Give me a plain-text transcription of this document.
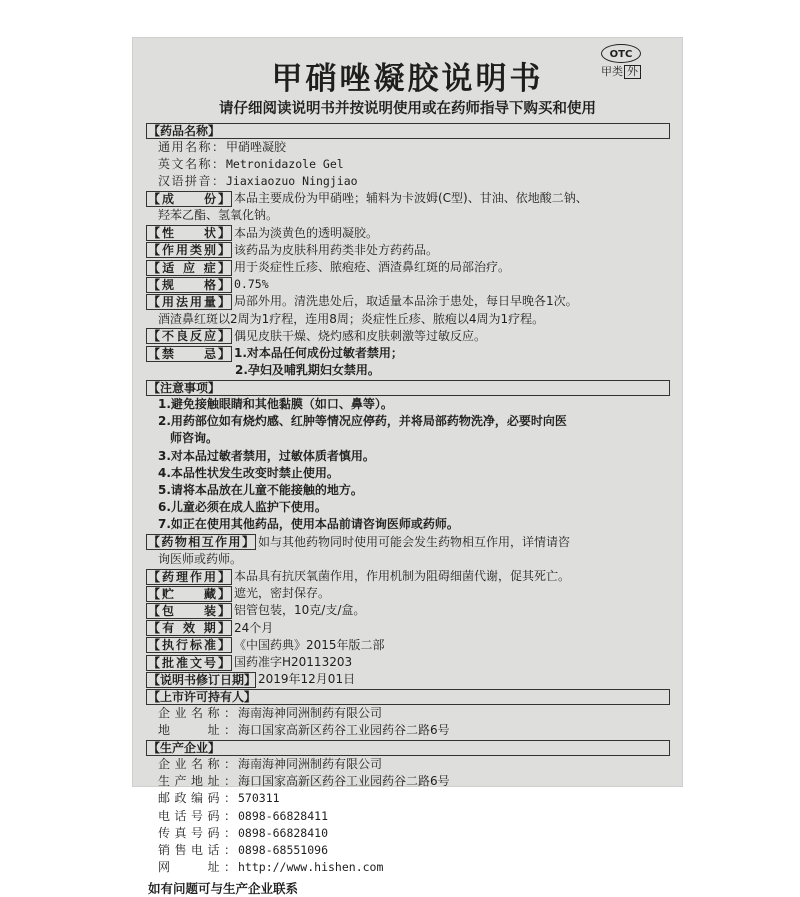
甲硝唑凝胶说明书
OTC
甲类 外
请仔细阅读说明书并按说明使用或在药师指导下购买和使用
【药品名称】
通用名称： 甲硝唑凝胶
英文名称： Metronidazole Gel
汉语拼音： Jiaxiaozuo Ningjiao
【成　　份】 本品主要成份为甲硝唑；辅料为卡波姆(C型)、甘油、依地酸二钠、
羟苯乙酯、氢氧化钠。
【性　　状】 本品为淡黄色的透明凝胶。
【作用类别】 该药品为皮肤科用药类非处方药药品。
【适 应 症】 用于炎症性丘疹、脓疱疮、酒渣鼻红斑的局部治疗。
【规　　格】 0.75%
【用法用量】 局部外用。清洗患处后，取适量本品涂于患处，每日早晚各1次。
酒渣鼻红斑以2周为1疗程，连用8周；炎症性丘疹、脓疱以4周为1疗程。
【不良反应】 偶见皮肤干燥、烧灼感和皮肤刺激等过敏反应。
【禁　　忌】 1.对本品任何成份过敏者禁用；
2.孕妇及哺乳期妇女禁用。
【注意事项】
1.避免接触眼睛和其他黏膜（如口、鼻等）。
2.用药部位如有烧灼感、红肿等情况应停药，并将局部药物洗净，必要时向医
师咨询。
3.对本品过敏者禁用，过敏体质者慎用。
4.本品性状发生改变时禁止使用。
5.请将本品放在儿童不能接触的地方。
6.儿童必须在成人监护下使用。
7.如正在使用其他药品，使用本品前请咨询医师或药师。
【药物相互作用】 如与其他药物同时使用可能会发生药物相互作用，详情请咨
询医师或药师。
【药理作用】 本品具有抗厌氧菌作用，作用机制为阻碍细菌代谢，促其死亡。
【贮　　藏】 遮光，密封保存。
【包　　装】 铝管包装，10克/支/盒。
【有 效 期】 24个月
【执行标准】 《中国药典》2015年版二部
【批准文号】 国药准字H20113203
【说明书修订日期】 2019年12月01日
【上市许可持有人】
企业名称： 海南海神同洲制药有限公司
地　　址： 海口国家高新区药谷工业园药谷二路6号
【生产企业】
企业名称： 海南海神同洲制药有限公司
生产地址： 海口国家高新区药谷工业园药谷二路6号
邮政编码： 570311
电话号码： 0898-66828411
传真号码： 0898-66828410
销售电话： 0898-68551096
网　　址： http://www.hishen.com
如有问题可与生产企业联系
